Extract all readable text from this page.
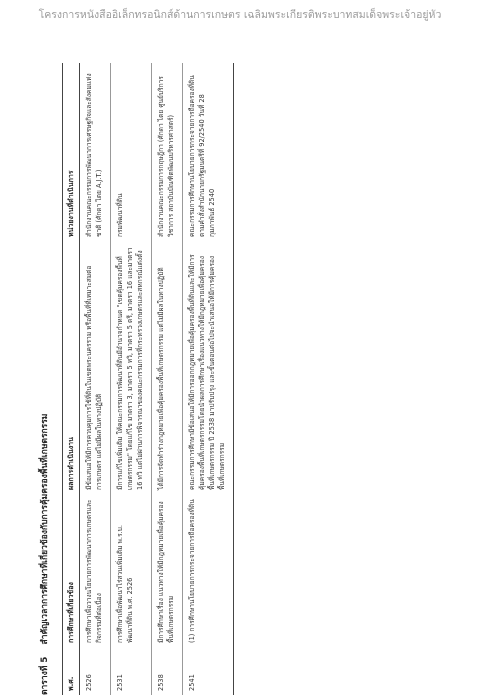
โครงการหนังสืออิเล็กทรอนิกส์ด้านการเกษตร เฉลิมพระเกียรติพระบาทสมเด็จพระเจ้าอยู่หัว
ตารางที่ 5 สำคัญเวลาการศึกษาที่เกี่ยวข้องกับการคุ้มครองพื้นที่เกษตรกรรม
พ.ศ.	การศึกษาที่เกี่ยวข้อง	ผลการดำเนินงาน	หน่วยงานที่ดำเนินการ
2526	การศึกษาเพื่อวางนโยบายการพัฒนาการเกษตรและกิจกรรมที่ต่อเนื่อง	มีข้อเสนอให้มีการควบคุมการใช้ที่ดินในเขตพระนครราม หรือพื้นที่ที่เหมาะสมต่อการเกษตร แต่ไม่มีผลในทางปฏิบัติ	สำนักงานคณะกรรมการพัฒนาการเศรษฐกิจและสังคมแห่งชาติ (ศักดา ไตย A.J.T.)
2531	การศึกษาเพื่อพัฒนาไร่สวนเพิ่มเติม พ.ร.บ. พัฒนาที่ดิน พ.ศ. 2526	มีการแก้ไขเพิ่มเติม ให้คณะกรรมการพัฒนาที่ดินมีอำนาจกำหนด "เขตคุ้มครองพื้นที่เกษตรกรรม" โดยแก้ไข มาตรา 3, มาตรา 5 ทวิ, มาตรา 5 ตรี, มาตรา 16 และมาตรา 16 ทวิ แต่ไม่ผ่านการพิจารณาของคณะกรรมการที่กระทรวงเกษตรและสหกรณ์แต่งตั้ง	กรมพัฒนาที่ดิน
2538	มีการศึกษาเรื่อง แนวทางให้มีกฎหมายเพื่อคุ้มครองพื้นที่เกษตรกรรม	ได้มีการจัดทำร่างกฎหมายเพื่อคุ้มครองพื้นที่เกษตรกรรม แต่ไม่มีผลในทางปฏิบัติ	สำนักงานคณะกรรมการกฤษฎีกา (ศักดา ไตย ศูนย์บริการวิชาการ สถาบันบัณฑิตพัฒนบริหารศาสตร์)
2541	(1) การศึกษานโยบายการกระจายการถือครองที่ดิน	คณะกรรมการศึกษามีข้อเสนอให้มีการออกกฎหมายเพื่อคุ้มครองพื้นที่ดินและให้มีการคุ้มครองพื้นที่เกษตรกรรมโดยนำผลการศึกษาเรื่องแนวทางให้มีกฎหมายเพื่อคุ้มครองพื้นที่เกษตรกรรม ปี 2538 มาปรับปรุง และขั้นตอนต่อไปจะนำเสนอให้มีการคุ้มครองพื้นที่เกษตรกรรม	คณะกรรมการศึกษานโยบายการกระจายการถือครองที่ดินตามคำสั่งสำนักนายกรัฐมนตรีที่ 92/2540 วันที่ 28 กุมภาพันธ์ 2540
